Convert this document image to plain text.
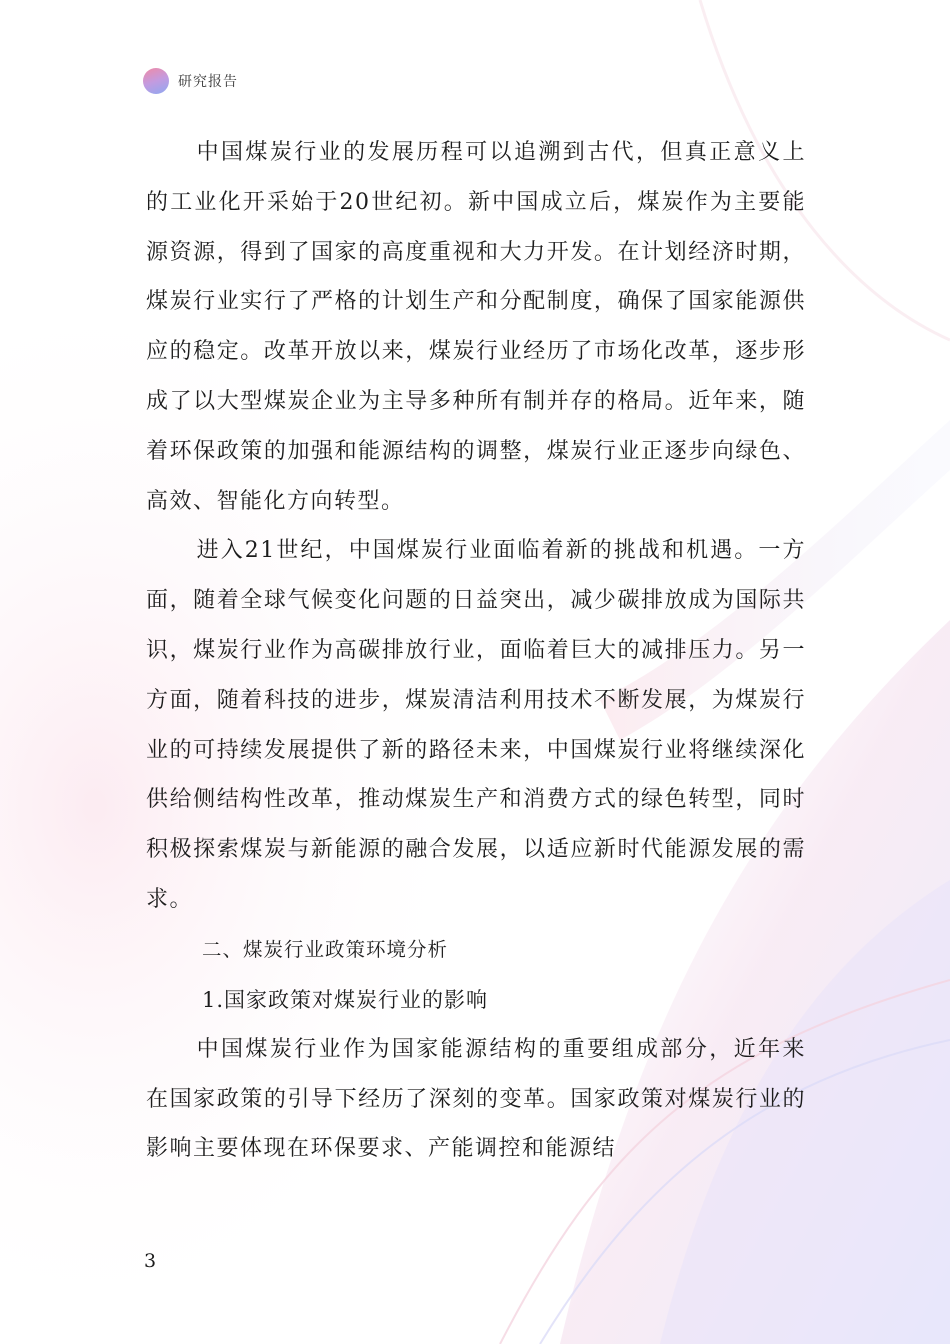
研究报告

中国煤炭行业的发展历程可以追溯到古代，但真正意义上的工业化开采始于20世纪初。新中国成立后，煤炭作为主要能源资源，得到了国家的高度重视和大力开发。在计划经济时期，煤炭行业实行了严格的计划生产和分配制度，确保了国家能源供应的稳定。改革开放以来，煤炭行业经历了市场化改革，逐步形成了以大型煤炭企业为主导多种所有制并存的格局。近年来，随着环保政策的加强和能源结构的调整，煤炭行业正逐步向绿色、高效、智能化方向转型。

进入21世纪，中国煤炭行业面临着新的挑战和机遇。一方面，随着全球气候变化问题的日益突出，减少碳排放成为国际共识，煤炭行业作为高碳排放行业，面临着巨大的减排压力。另一方面，随着科技的进步，煤炭清洁利用技术不断发展，为煤炭行业的可持续发展提供了新的路径未来，中国煤炭行业将继续深化供给侧结构性改革，推动煤炭生产和消费方式的绿色转型，同时积极探索煤炭与新能源的融合发展，以适应新时代能源发展的需求。

二、煤炭行业政策环境分析

1.国家政策对煤炭行业的影响

中国煤炭行业作为国家能源结构的重要组成部分，近年来在国家政策的引导下经历了深刻的变革。国家政策对煤炭行业的影响主要体现在环保要求、产能调控和能源结

3
